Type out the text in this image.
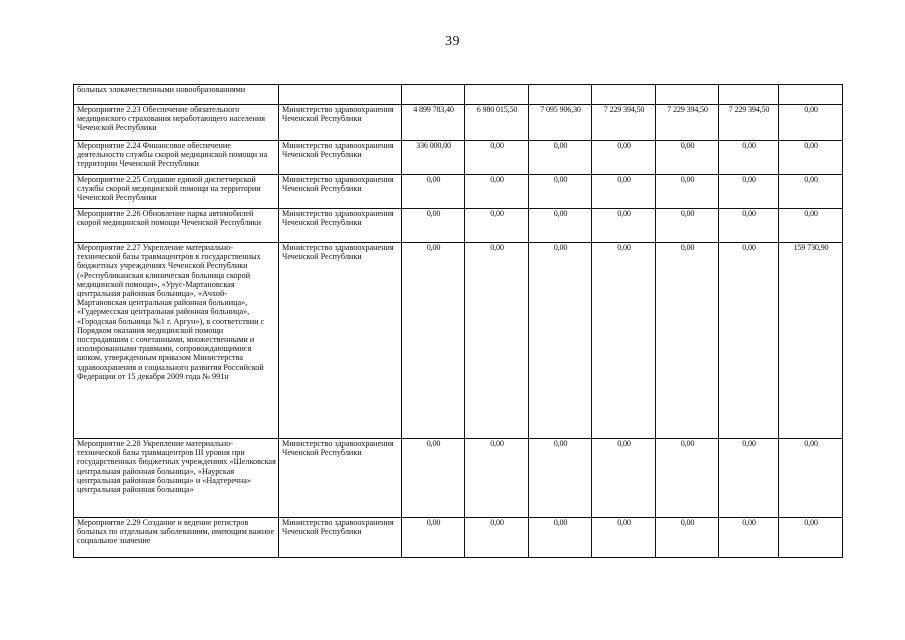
39
больных злокачественными новообразованиями								

Мероприятие 2.23 Обеспечение обязательного медицинского страхования неработающего населения Чеченской Республики	Министерство здравоохранения Чеченской Республики	4 899 783,40	6 980 015,50	7 095 906,30	7 229 394,50	7 229 394,50	7 229 394,50	0,00

Мероприятие 2.24 Финансовое обеспечение деятельности службы скорой медицинской помощи на территории Чеченской Республики	Министерство здравоохранения Чеченской Республики	336 000,00	0,00	0,00	0,00	0,00	0,00	0,00

Мероприятие 2.25 Создание единой диспетчерской службы скорой медицинской помощи на территории Чеченской Республики	Министерство здравоохранения Чеченской Республики	0,00	0,00	0,00	0,00	0,00	0,00	0,00

Мероприятие 2.26 Обновление парка автомобилей скорой медицинской помощи Чеченской Республики	Министерство здравоохранения Чеченской Республики	0,00	0,00	0,00	0,00	0,00	0,00	0,00

Мероприятие 2.27 Укрепление материально-технической базы травмацентров в государственных бюджетных учреждениях Чеченской Республики («Республиканская клиническая больница скорой медицинской помощи», «Урус-Мартановская центральная районная больница», «Ачхой-Мартановская центральная районная больница», «Гудермесская центральная районная больница», «Городская больница №1 г. Аргун»), в соответствии с Порядком оказания медицинской помощи пострадавшим с сочетанными, множественными и изолированными травмами, сопровождающимися шоком, утвержденным приказом Министерства здравоохранения и социального развития Российской Федерации от 15 декабря 2009 года № 991н	Министерство здравоохранения Чеченской Республики	0,00	0,00	0,00	0,00	0,00	0,00	159 730,90

Мероприятие 2.28 Укрепление материально-технической базы травмацентров III уровня при государственных бюджетных учреждениях «Шелковская центральная районная больница», «Наурская центральная районная больница» и «Надтеречна» центральная районная больница»	Министерство здравоохранения Чеченской Республики	0,00	0,00	0,00	0,00	0,00	0,00	0,00

Мероприятие 2.29 Создание и ведение регистров больных по отдельным заболеваниям, имеющим важное социальное значение	Министерство здравоохранения Чеченской Республики	0,00	0,00	0,00	0,00	0,00	0,00	0,00
